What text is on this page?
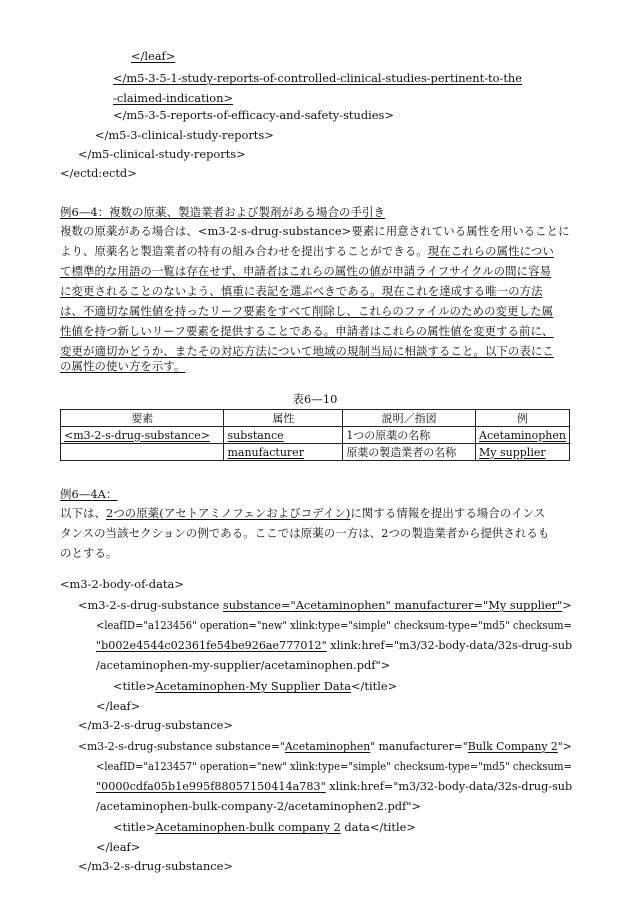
</leaf>
</m5-3-5-1-study-reports-of-controlled-clinical-studies-pertinent-to-the
-claimed-indication>
</m5-3-5-reports-of-efficacy-and-safety-studies>
</m5-3-clinical-study-reports>
</m5-clinical-study-reports>
</ectd:ectd>
例6—4：複数の原薬、製造業者および製剤がある場合の手引き
複数の原薬がある場合は、<m3-2-s-drug-substance>要素に用意されている属性を用いることに
より、原薬名と製造業者の特有の組み合わせを提出することができる。現在これらの属性につい
て標準的な用語の一覧は存在せず、申請者はこれらの属性の値が申請ライフサイクルの間に容易
に変更されることのないよう、慎重に表記を選ぶべきである。現在これを達成する唯一の方法
は、不適切な属性値を持ったリーフ要素をすべて削除し、これらのファイルのための変更した属
性値を持つ新しいリーフ要素を提供することである。申請者はこれらの属性値を変更する前に、
変更が適切かどうか、またその対応方法について地域の規制当局に相談すること。以下の表にこ
の属性の使い方を示す。
表6—10
要素	属性	説明／指図	例
<m3-2-s-drug-substance>	substance	1つの原薬の名称	Acetaminophen
	manufacturer	原薬の製造業者の名称	My supplier
例6—4A：
以下は、2つの原薬(アセトアミノフェンおよびコデイン)に関する情報を提出する場合のインス
タンスの当該セクションの例である。ここでは原薬の一方は、2つの製造業者から提供されるも
のとする。
<m3-2-body-of-data>
<m3-2-s-drug-substance substance="Acetaminophen" manufacturer="My supplier">
<leafID="a123456" operation="new" xlink:type="simple" checksum-type="md5" checksum=
"b002e4544c02361fe54be926ae777012" xlink:href="m3/32-body-data/32s-drug-sub
/acetaminophen-my-supplier/acetaminophen.pdf">
<title>Acetaminophen-My Supplier Data</title>
</leaf>
</m3-2-s-drug-substance>
<m3-2-s-drug-substance substance="Acetaminophen" manufacturer="Bulk Company 2">
<leafID="a123457" operation="new" xlink:type="simple" checksum-type="md5" checksum=
"0000cdfa05b1e995f88057150414a783" xlink:href="m3/32-body-data/32s-drug-sub
/acetaminophen-bulk-company-2/acetaminophen2.pdf">
<title>Acetaminophen-bulk company 2 data</title>
</leaf>
</m3-2-s-drug-substance>
